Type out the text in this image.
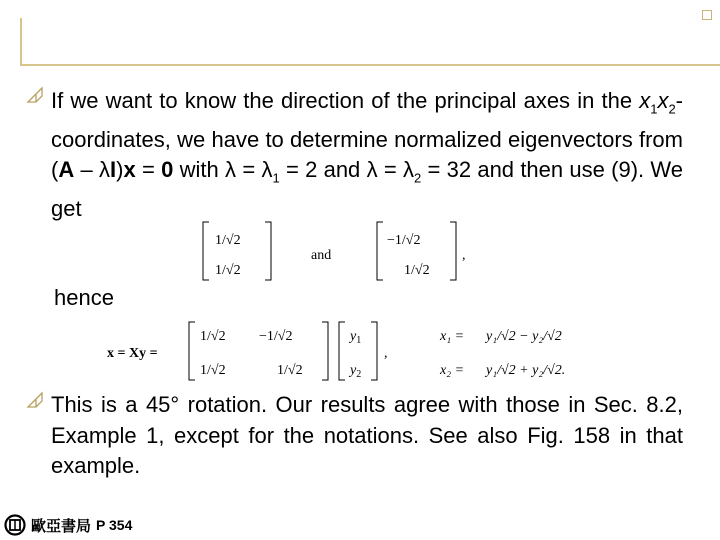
If we want to know the direction of the principal axes in the $x_1x_2$-coordinates, we have to determine normalized eigenvectors from (A – λI)x = 0 with $\lambda = \lambda_1 = 2$ and $\lambda = \lambda_2 = 32$ and then use (9). We get

1/√2
1/√2
and
−1/√2
1/√2
,
x = Xy =
1/√2 −1/√2
1/√2	1/√2
$y_1$
$y_2$
,
x₁ = y₁/√2 − y₂/√2
x₂ = y₁/√2 + y₂/√2.
hence

This is a 45° rotation. Our results agree with those in Sec. 8.2, Example 1, except for the notations. See also Fig. 158 in that example.

歐亞書局 P 354
